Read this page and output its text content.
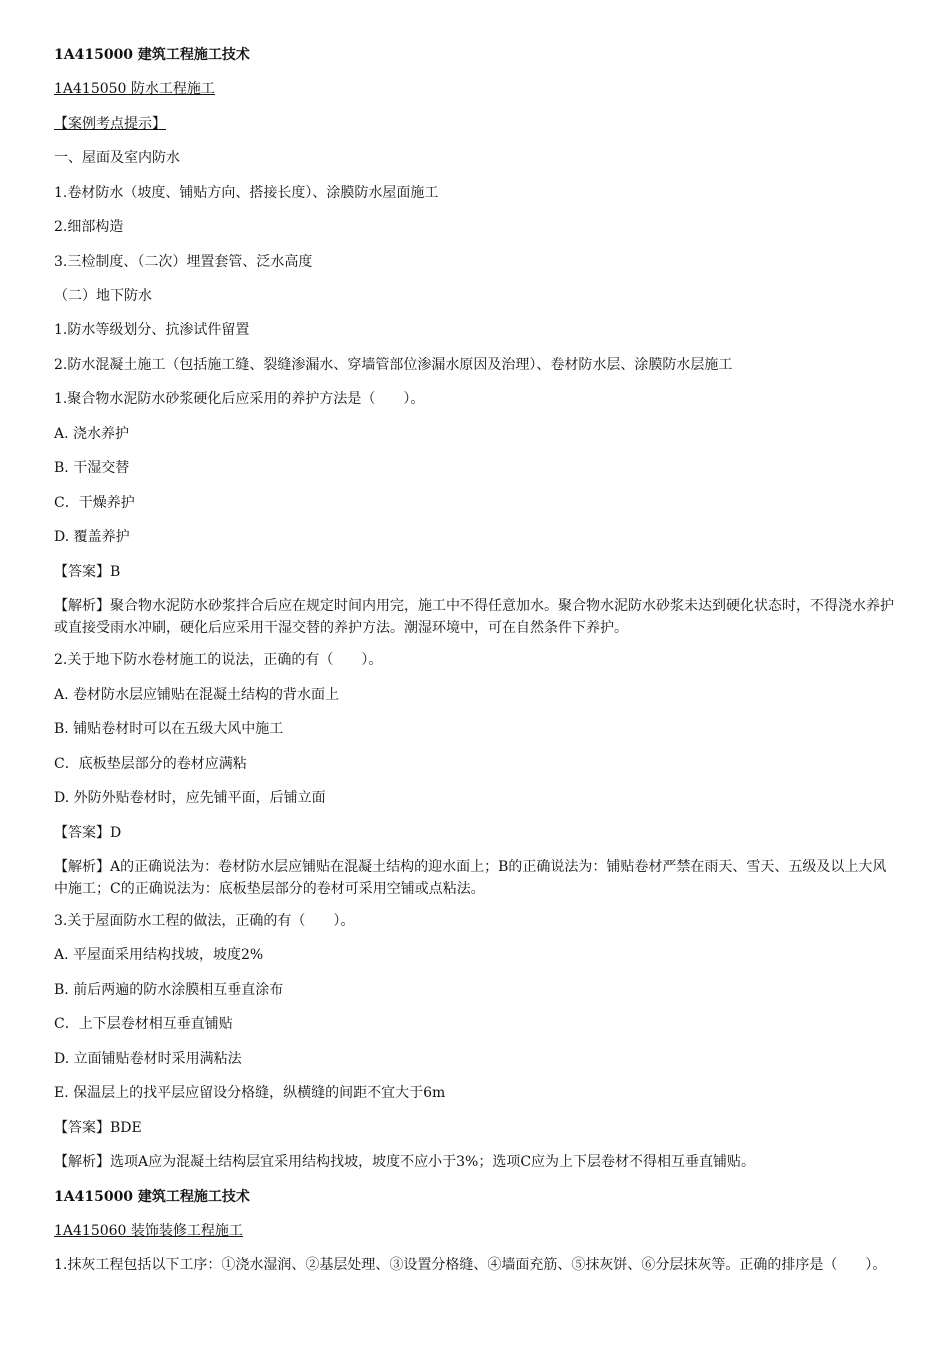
1A415000 建筑工程施工技术
1A415050 防水工程施工
【案例考点提示】
一、屋面及室内防水
1.卷材防水（坡度、铺贴方向、搭接长度）、涂膜防水屋面施工
2.细部构造
3.三检制度、（二次）埋置套管、泛水高度
（二）地下防水
1.防水等级划分、抗渗试件留置
2.防水混凝土施工（包括施工缝、裂缝渗漏水、穿墙管部位渗漏水原因及治理）、卷材防水层、涂膜防水层施工
1.聚合物水泥防水砂浆硬化后应采用的养护方法是（　　）。
A. 浇水养护
B. 干湿交替
C．干燥养护
D. 覆盖养护
【答案】B
【解析】聚合物水泥防水砂浆拌合后应在规定时间内用完，施工中不得任意加水。聚合物水泥防水砂浆未达到硬化状态时，不得浇水养护或直接受雨水冲刷，硬化后应采用干湿交替的养护方法。潮湿环境中，可在自然条件下养护。
2.关于地下防水卷材施工的说法，正确的有（　　）。
A. 卷材防水层应铺贴在混凝土结构的背水面上
B. 铺贴卷材时可以在五级大风中施工
C．底板垫层部分的卷材应满粘
D. 外防外贴卷材时，应先铺平面，后铺立面
【答案】D
【解析】A的正确说法为：卷材防水层应铺贴在混凝土结构的迎水面上；B的正确说法为：铺贴卷材严禁在雨天、雪天、五级及以上大风中施工；C的正确说法为：底板垫层部分的卷材可采用空铺或点粘法。
3.关于屋面防水工程的做法，正确的有（　　）。
A. 平屋面采用结构找坡，坡度2%
B. 前后两遍的防水涂膜相互垂直涂布
C．上下层卷材相互垂直铺贴
D. 立面铺贴卷材时采用满粘法
E. 保温层上的找平层应留设分格缝，纵横缝的间距不宜大于6m
【答案】BDE
【解析】选项A应为混凝土结构层宜采用结构找坡，坡度不应小于3%；选项C应为上下层卷材不得相互垂直铺贴。
1A415000 建筑工程施工技术
1A415060 装饰装修工程施工
1.抹灰工程包括以下工序：①浇水湿润、②基层处理、③设置分格缝、④墙面充筋、⑤抹灰饼、⑥分层抹灰等。正确的排序是（　　）。
